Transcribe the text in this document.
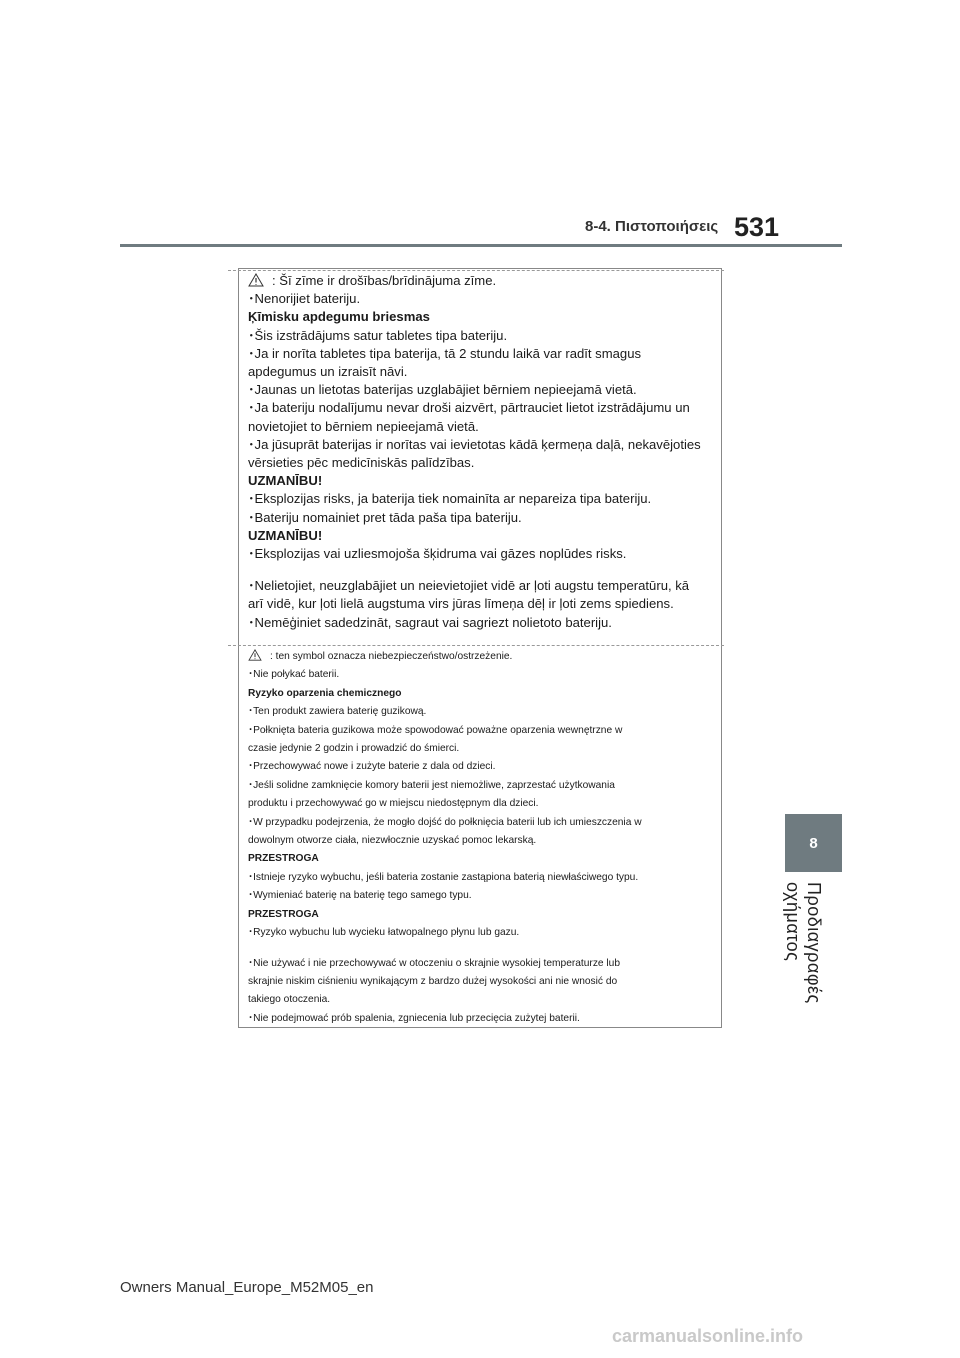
8-4. Πιστοποιήσεις 531
8
Προδιαγραφές οχήματος
: Šī zīme ir drošības/brīdinājuma zīme.
･Nenorijiet bateriju.
Ķīmisku apdegumu briesmas
･Šis izstrādājums satur tabletes tipa bateriju.
･Ja ir norīta tabletes tipa baterija, tā 2 stundu laikā var radīt smagus
apdegumus un izraisīt nāvi.
･Jaunas un lietotas baterijas uzglabājiet bērniem nepieejamā vietā.
･Ja bateriju nodalījumu nevar droši aizvērt, pārtrauciet lietot izstrādājumu un
novietojiet to bērniem nepieejamā vietā.
･Ja jūsuprāt baterijas ir norītas vai ievietotas kādā ķermeņa daļā, nekavējoties
vērsieties pēc medicīniskās palīdzības.
UZMANĪBU!
･Eksplozijas risks, ja baterija tiek nomainīta ar nepareiza tipa bateriju.
･Bateriju nomainiet pret tāda paša tipa bateriju.
UZMANĪBU!
･Eksplozijas vai uzliesmojoša šķidruma vai gāzes noplūdes risks.
･Nelietojiet, neuzglabājiet un neievietojiet vidē ar ļoti augstu temperatūru, kā
arī vidē, kur ļoti lielā augstuma virs jūras līmeņa dēļ ir ļoti zems spiediens.
･Nemēģiniet sadedzināt, sagraut vai sagriezt nolietoto bateriju.
: ten symbol oznacza niebezpieczeństwo/ostrzeżenie.
･Nie połykać baterii.
Ryzyko oparzenia chemicznego
･Ten produkt zawiera baterię guzikową.
･Połknięta bateria guzikowa może spowodować poważne oparzenia wewnętrzne w
czasie jedynie 2 godzin i prowadzić do śmierci.
･Przechowywać nowe i zużyte baterie z dala od dzieci.
･Jeśli solidne zamknięcie komory baterii jest niemożliwe, zaprzestać użytkowania
produktu i przechowywać go w miejscu niedostępnym dla dzieci.
･W przypadku podejrzenia, że mogło dojść do połknięcia baterii lub ich umieszczenia w
dowolnym otworze ciała, niezwłocznie uzyskać pomoc lekarską.
PRZESTROGA
･Istnieje ryzyko wybuchu, jeśli bateria zostanie zastąpiona baterią niewłaściwego typu.
･Wymieniać baterię na baterię tego samego typu.
PRZESTROGA
･Ryzyko wybuchu lub wycieku łatwopalnego płynu lub gazu.
･Nie używać i nie przechowywać w otoczeniu o skrajnie wysokiej temperaturze lub
skrajnie niskim ciśnieniu wynikającym z bardzo dużej wysokości ani nie wnosić do
takiego otoczenia.
･Nie podejmować prób spalenia, zgniecenia lub przecięcia zużytej baterii.
Owners Manual_Europe_M52M05_en
carmanualsonline.info
